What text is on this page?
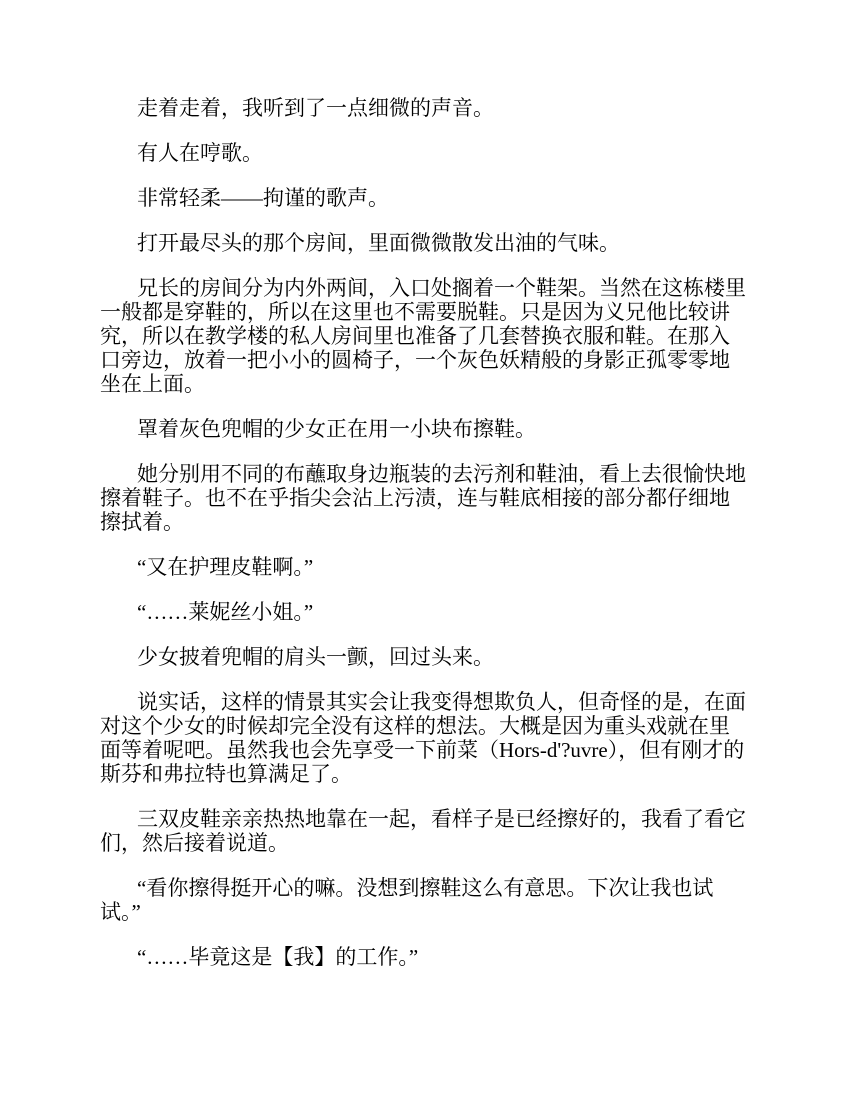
走着走着，我听到了一点细微的声音。

有人在哼歌。

非常轻柔——拘谨的歌声。

打开最尽头的那个房间，里面微微散发出油的气味。

兄长的房间分为内外两间，入口处搁着一个鞋架。当然在这栋楼里一般都是穿鞋的，所以在这里也不需要脱鞋。只是因为义兄他比较讲究，所以在教学楼的私人房间里也准备了几套替换衣服和鞋。在那入口旁边，放着一把小小的圆椅子，一个灰色妖精般的身影正孤零零地坐在上面。

罩着灰色兜帽的少女正在用一小块布擦鞋。

她分别用不同的布蘸取身边瓶装的去污剂和鞋油，看上去很愉快地擦着鞋子。也不在乎指尖会沾上污渍，连与鞋底相接的部分都仔细地擦拭着。

“又在护理皮鞋啊。”

“……莱妮丝小姐。”

少女披着兜帽的肩头一颤，回过头来。

说实话，这样的情景其实会让我变得想欺负人，但奇怪的是，在面对这个少女的时候却完全没有这样的想法。大概是因为重头戏就在里面等着呢吧。虽然我也会先享受一下前菜（Hors-d'?uvre），但有刚才的斯芬和弗拉特也算满足了。

三双皮鞋亲亲热热地靠在一起，看样子是已经擦好的，我看了看它们，然后接着说道。

“看你擦得挺开心的嘛。没想到擦鞋这么有意思。下次让我也试试。”

“……毕竟这是【我】的工作。”
